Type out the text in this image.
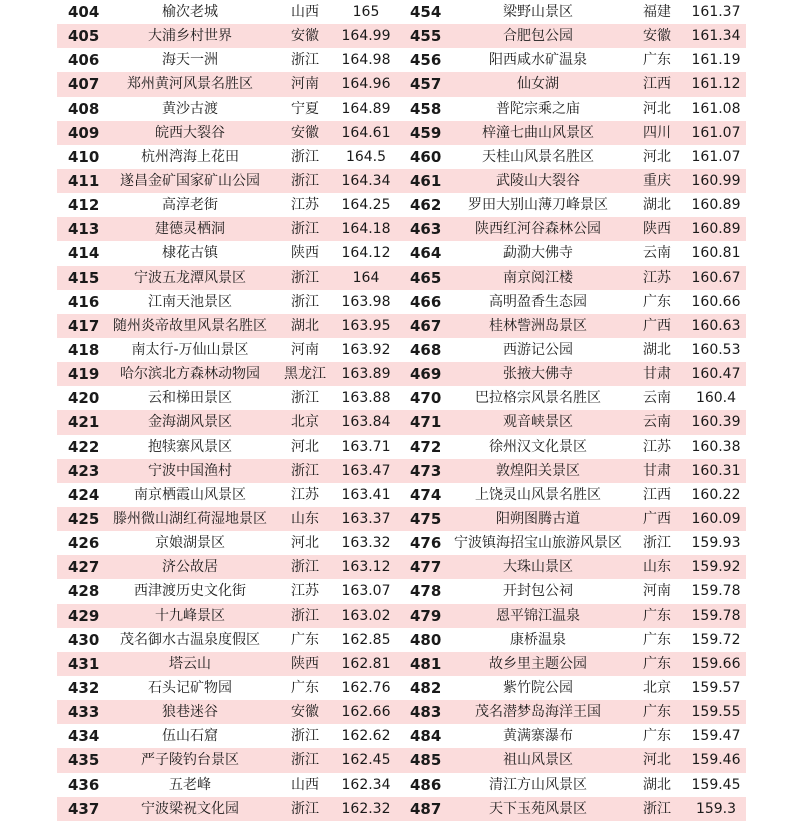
404	榆次老城	山西	165	454	梁野山景区	福建	161.37
405	大浦乡村世界	安徽	164.99	455	合肥包公园	安徽	161.34
406	海天一洲	浙江	164.98	456	阳西咸水矿温泉	广东	161.19
407	郑州黄河风景名胜区	河南	164.96	457	仙女湖	江西	161.12
408	黄沙古渡	宁夏	164.89	458	普陀宗乘之庙	河北	161.08
409	皖西大裂谷	安徽	164.61	459	梓潼七曲山风景区	四川	161.07
410	杭州湾海上花田	浙江	164.5	460	天桂山风景名胜区	河北	161.07
411	遂昌金矿国家矿山公园	浙江	164.34	461	武陵山大裂谷	重庆	160.99
412	高淳老街	江苏	164.25	462	罗田大别山薄刀峰景区	湖北	160.89
413	建德灵栖洞	浙江	164.18	463	陕西红河谷森林公园	陕西	160.89
414	棣花古镇	陕西	164.12	464	勐泐大佛寺	云南	160.81
415	宁波五龙潭风景区	浙江	164	465	南京阅江楼	江苏	160.67
416	江南天池景区	浙江	163.98	466	高明盈香生态园	广东	160.66
417 随州炎帝故里风景名胜区	湖北	163.95	467	桂林訾洲岛景区	广西	160.63
418	南太行-万仙山景区	河南	163.92	468	西游记公园	湖北	160.53
419	哈尔滨北方森林动物园	黑龙江	163.89	469	张掖大佛寺	甘肃	160.47
420	云和梯田景区	浙江	163.88	470	巴拉格宗风景名胜区	云南	160.4
421	金海湖风景区	北京	163.84	471	观音峡景区	云南	160.39
422	抱犊寨风景区	河北	163.71	472	徐州汉文化景区	江苏	160.38
423	宁波中国渔村	浙江	163.47	473	敦煌阳关景区	甘肃	160.31
424	南京栖霞山风景区	江苏	163.41	474	上饶灵山风景名胜区	江西	160.22
425 滕州微山湖红荷湿地景区	山东	163.37	475	阳朔图腾古道	广西	160.09
426	京娘湖景区	河北	163.32	476 宁波镇海招宝山旅游风景区	浙江	159.93
427	济公故居	浙江	163.12	477	大珠山景区	山东	159.92
428	西津渡历史文化街	江苏	163.07	478	开封包公祠	河南	159.78
429	十九峰景区	浙江	163.02	479	恩平锦江温泉	广东	159.78
430	茂名御水古温泉度假区	广东	162.85	480	康桥温泉	广东	159.72
431	塔云山	陕西	162.81	481	故乡里主题公园	广东	159.66
432	石头记矿物园	广东	162.76	482	紫竹院公园	北京	159.57
433	狼巷迷谷	安徽	162.66	483	茂名潜梦岛海洋王国	广东	159.55
434	伍山石窟	浙江	162.62	484	黄满寨瀑布	广东	159.47
435	严子陵钓台景区	浙江	162.45	485	祖山风景区	河北	159.46
436	五老峰	山西	162.34	486	清江方山风景区	湖北	159.45
437	宁波梁祝文化园	浙江	162.32	487	天下玉苑风景区	浙江	159.3
